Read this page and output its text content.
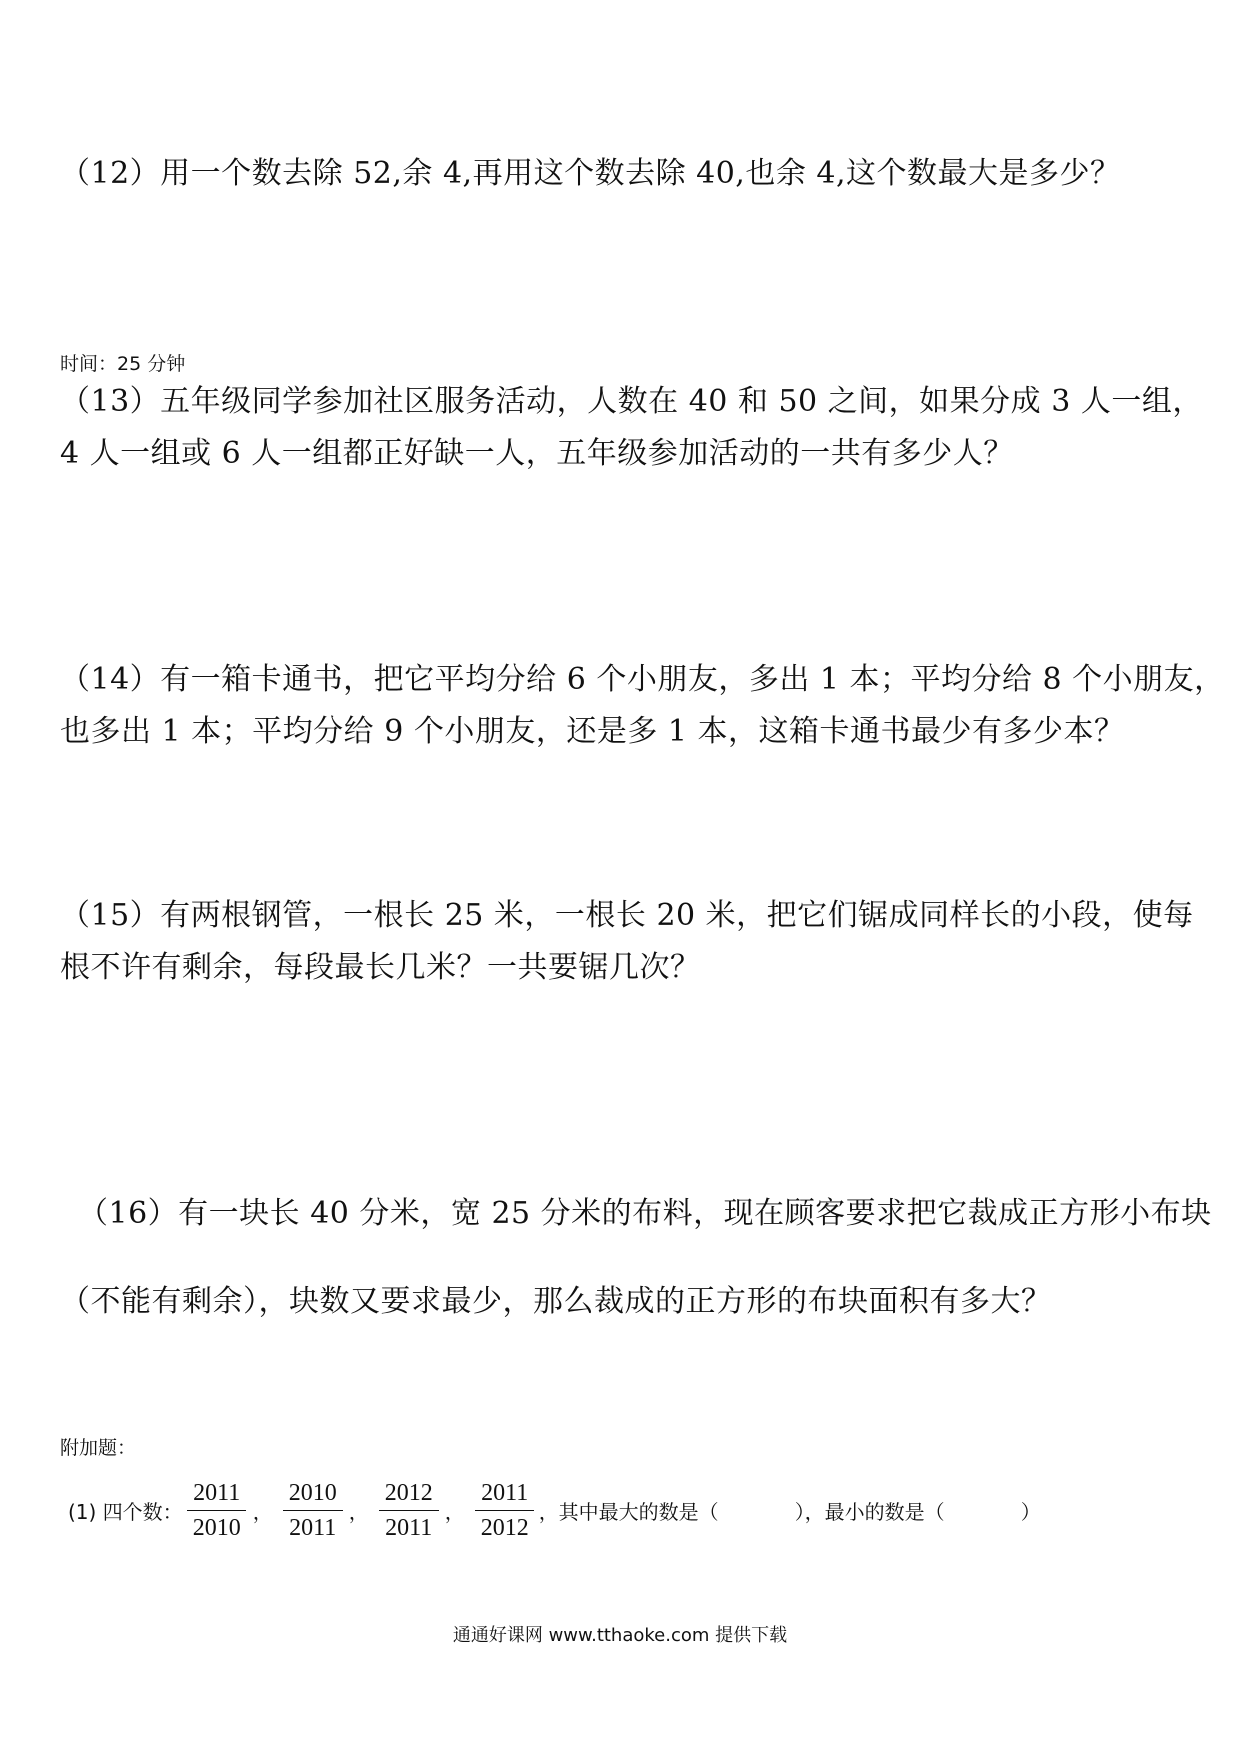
（12）用一个数去除 52,余 4,再用这个数去除 40,也余 4,这个数最大是多少？
时间：25 分钟
（13）五年级同学参加社区服务活动，人数在 40 和 50 之间，如果分成 3 人一组，
4 人一组或 6 人一组都正好缺一人，五年级参加活动的一共有多少人？
（14）有一箱卡通书，把它平均分给 6 个小朋友，多出 1 本；平均分给 8 个小朋友，
也多出 1 本；平均分给 9 个小朋友，还是多 1 本，这箱卡通书最少有多少本？
（15）有两根钢管，一根长 25 米，一根长 20 米，把它们锯成同样长的小段，使每
根不许有剩余，每段最长几米？一共要锯几次？
（16）有一块长 40 分米，宽 25 分米的布料，现在顾客要求把它裁成正方形小布块
（不能有剩余），块数又要求最少，那么裁成的正方形的布块面积有多大？
附加题：
(1) 四个数： $\frac{2011}{2010}$ ， $\frac{2010}{2011}$ ， $\frac{2012}{2011}$ ， $\frac{2011}{2012}$ ，其中最大的数是（	），最小的数是（	）
通通好课网 www.tthaoke.com 提供下载
